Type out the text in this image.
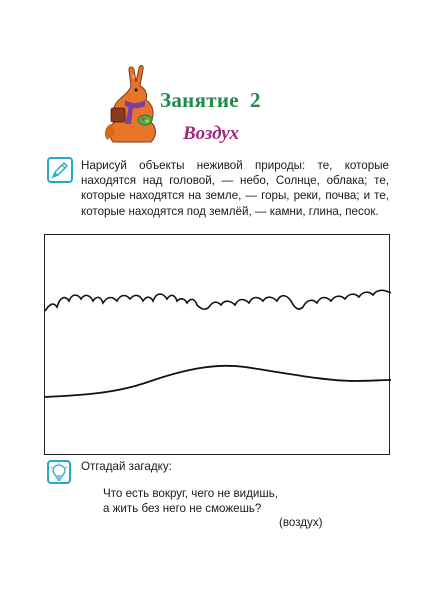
Занятие  2
Воздух
Нарисуй объекты неживой природы: те, которые находятся над головой, — небо, Солнце, облака; те, которые находятся на земле, — горы, реки, почва; и те, которые находятся под землёй, — камни, глина, песок.
Отгадай загадку:
Что есть вокруг, чего не видишь,
а жить без него не сможешь?
(воздух)
